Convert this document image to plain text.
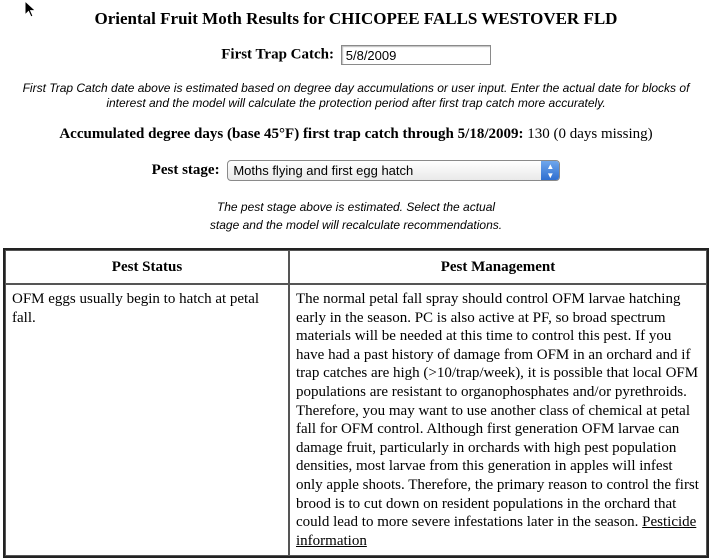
Oriental Fruit Moth Results for CHICOPEE FALLS WESTOVER FLD
First Trap Catch: 5/8/2009
First Trap Catch date above is estimated based on degree day accumulations or user input. Enter the actual date for blocks of interest and the model will calculate the protection period after first trap catch more accurately.
Accumulated degree days (base 45°F) first trap catch through 5/18/2009: 130 (0 days missing)
Pest stage: Moths flying and first egg hatch	▲
▼
The pest stage above is estimated. Select the actual
stage and the model will recalculate recommendations.
Pest Status	Pest Management
OFM eggs usually begin to hatch at petal fall.	The normal petal fall spray should control OFM larvae hatching early in the season. PC is also active at PF, so broad spectrum materials will be needed at this time to control this pest. If you have had a past history of damage from OFM in an orchard and if trap catches are high (>10/trap/week), it is possible that local OFM populations are resistant to organophosphates and/or pyrethroids. Therefore, you may want to use another class of chemical at petal fall for OFM control. Although first generation OFM larvae can damage fruit, particularly in orchards with high pest population densities, most larvae from this generation in apples will infest only apple shoots. Therefore, the primary reason to control the first brood is to cut down on resident populations in the orchard that could lead to more severe infestations later in the season. Pesticide information
